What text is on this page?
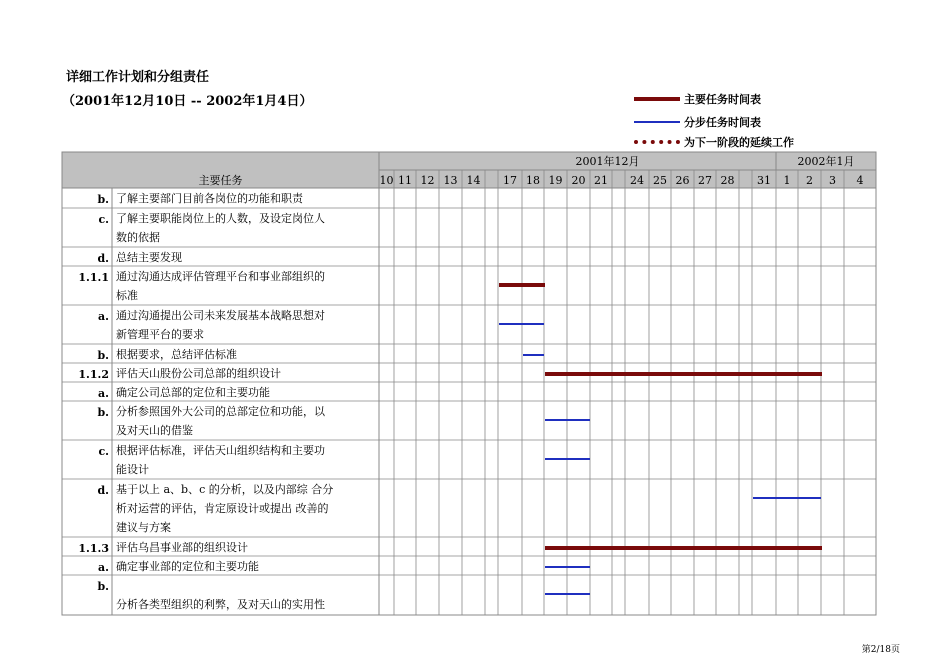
详细工作计划和分组责任
（2001年12月10日 -- 2002年1月4日）	主要任务时间表
分步任务时间表
为下一阶段的延续工作
2001年12月	2002年1月
主要任务	10 11 12 13 14 17 18 19 20 21 24 25 26 27 28 31 1 2 3 4
b. 了解主要部门目前各岗位的功能和职责
c. 了解主要职能岗位上的人数，及设定岗位人
数的依据
d. 总结主要发现
1.1.1 通过沟通达成评估管理平台和事业部组织的
标准
a. 通过沟通提出公司未来发展基本战略思想对
新管理平台的要求
b. 根据要求，总结评估标准
1.1.2 评估天山股份公司总部的组织设计
a. 确定公司总部的定位和主要功能
b. 分析参照国外大公司的总部定位和功能，以
及对天山的借鉴
c. 根据评估标准，评估天山组织结构和主要功
能设计
d. 基于以上 a、b、c 的分析，以及内部综 合分
析对运营的评估，肯定原设计或提出 改善的
建议与方案
1.1.3 评估乌昌事业部的组织设计
a. 确定事业部的定位和主要功能
b.
分析各类型组织的利弊，及对天山的实用性
第2/18页
